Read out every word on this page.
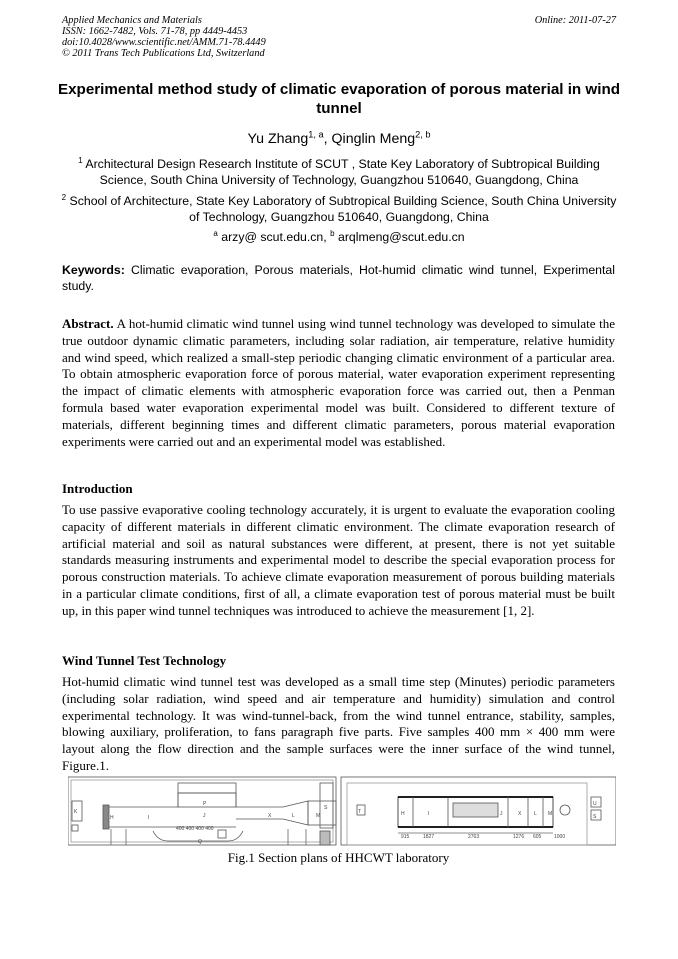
Applied Mechanics and Materials
ISSN: 1662-7482, Vols. 71-78, pp 4449-4453
doi:10.4028/www.scientific.net/AMM.71-78.4449
© 2011 Trans Tech Publications Ltd, Switzerland
Online: 2011-07-27
Experimental method study of climatic evaporation of porous material in wind tunnel
Yu Zhang$^{1, a}$, Qinglin Meng$^{2, b}$
$^1$ Architectural Design Research Institute of SCUT , State Key Laboratory of Subtropical Building Science, South China University of Technology, Guangzhou 510640, Guangdong, China
$^2$ School of Architecture, State Key Laboratory of Subtropical Building Science, South China University of Technology, Guangzhou 510640, Guangdong, China
$^a$ arzy@ scut.edu.cn, $^b$ arqlmeng@scut.edu.cn
Keywords: Climatic evaporation, Porous materials, Hot-humid climatic wind tunnel, Experimental study.
Abstract. A hot-humid climatic wind tunnel using wind tunnel technology was developed to simulate the true outdoor dynamic climatic parameters, including solar radiation, air temperature, relative humidity and wind speed, which realized a small-step periodic changing climatic environment of a particular area. To obtain atmospheric evaporation force of porous material, water evaporation experiment representing the impact of climatic elements with atmospheric evaporation force was carried out, then a Penman formula based water evaporation experimental model was built. Considered to different texture of materials, different beginning times and different climatic parameters, porous material evaporation experiments were carried out and an experimental model was established.
Introduction
To use passive evaporative cooling technology accurately, it is urgent to evaluate the evaporation cooling capacity of different materials in different climatic environment. The climate evaporation research of artificial material and soil as natural substances were different, at present, there is not yet suitable standards measuring instruments and experimental model to describe the special evaporation process for porous construction materials. To achieve climate evaporation measurement of porous building materials in a particular climate conditions, first of all, a climate evaporation test of porous material must be built up, in this paper wind tunnel techniques was introduced to achieve the measurement [1, 2].
Wind Tunnel Test Technology
Hot-humid climatic wind tunnel test was developed as a small time step (Minutes) periodic parameters (including solar radiation, wind speed and air temperature and humidity) simulation and control experimental technology. It was wind-tunnel-back, from the wind tunnel entrance, stability, samples, blowing auxiliary, proliferation, to fans paragraph five parts. Five samples 400 mm × 400 mm were layout along the flow direction and the sample surfaces were the inner surface of the wind tunnel, Figure.1.
K
H	I
P
J	X	L	M
Q
S
400 400 400 400
H	I	J	X	L M
U
S
T
915	1827	2763	1276 605	1000
Fig.1 Section plans of HHCWT laboratory
